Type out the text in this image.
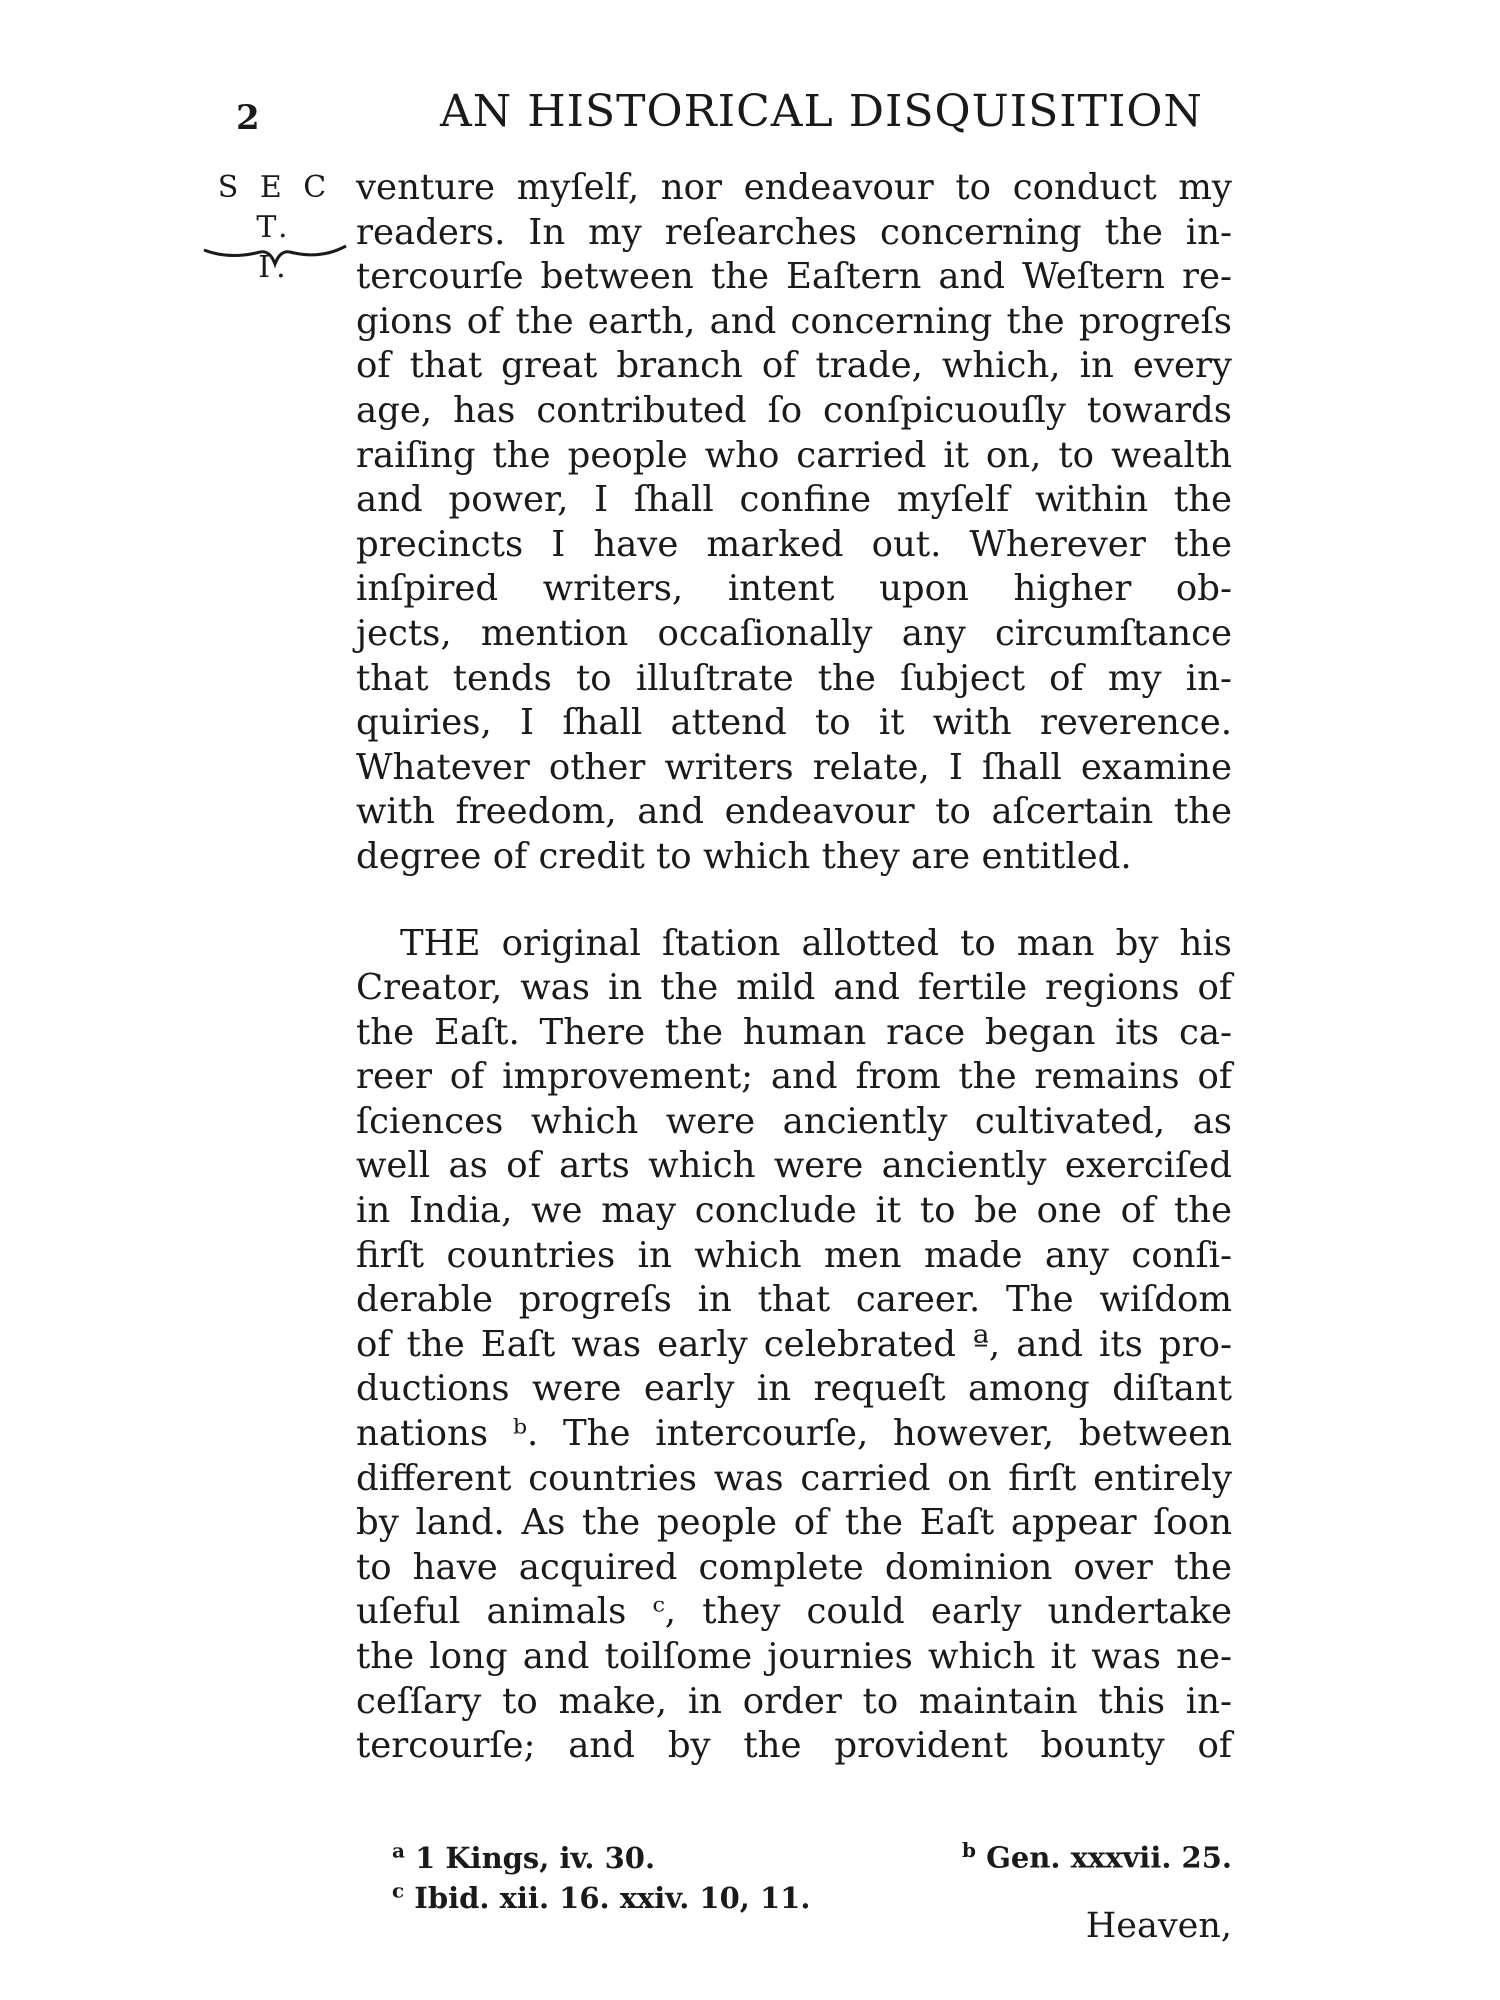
2	AN HISTORICAL DISQUISITION
S E C T.
I.
venture myſelf, nor endeavour to conduct my
readers. In my reſearches concerning the in-
tercourſe between the Eaſtern and Weſtern re-
gions of the earth, and concerning the progreſs
of that great branch of trade, which, in every
age, has contributed ſo conſpicuouſly towards
raiſing the people who carried it on, to wealth
and power, I ſhall confine myſelf within the
precincts I have marked out. Wherever the
inſpired writers, intent upon higher ob-
jects, mention occaſionally any circumſtance
that tends to illuſtrate the ſubject of my in-
quiries, I ſhall attend to it with reverence.
Whatever other writers relate, I ſhall examine
with freedom, and endeavour to aſcertain the
degree of credit to which they are entitled.
THE original ſtation allotted to man by his
Creator, was in the mild and fertile regions of
the Eaſt. There the human race began its ca-
reer of improvement; and from the remains of
ſciences which were anciently cultivated, as
well as of arts which were anciently exerciſed
in India, we may conclude it to be one of the
firſt countries in which men made any conſi-
derable progreſs in that career. The wiſdom
of the Eaſt was early celebrated ª, and its pro-
ductions were early in requeſt among diſtant
nations ᵇ. The intercourſe, however, between
different countries was carried on firſt entirely
by land. As the people of the Eaſt appear ſoon
to have acquired complete dominion over the
uſeful animals ᶜ, they could early undertake
the long and toilſome journies which it was ne-
ceſſary to make, in order to maintain this in-
tercourſe; and by the provident bounty of
$^a$ 1 Kings, iv. 30.	$^b$ Gen. xxxvii. 25.
$^c$ Ibid. xii. 16. xxiv. 10, 11.
Heaven,
